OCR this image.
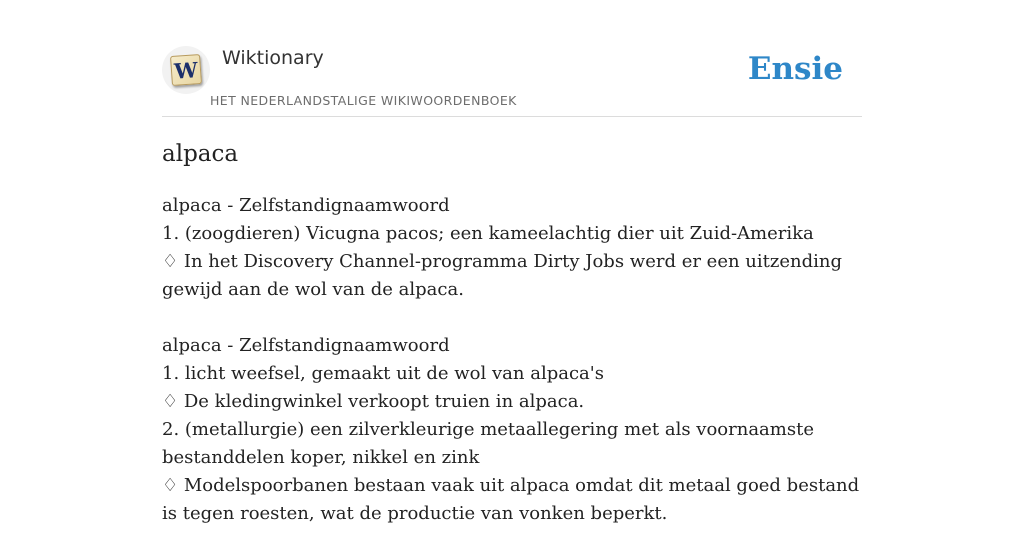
W Wiktionary
HET NEDERLANDSTALIGE WIKIWOORDENBOEK
Ensie
alpaca
alpaca - Zelfstandignaamwoord
1. (zoogdieren) Vicugna pacos; een kameelachtig dier uit Zuid-Amerika
♢ In het Discovery Channel-programma Dirty Jobs werd er een uitzending gewijd aan de wol van de alpaca.
alpaca - Zelfstandignaamwoord
1. licht weefsel, gemaakt uit de wol van alpaca's
♢ De kledingwinkel verkoopt truien in alpaca.
2. (metallurgie) een zilverkleurige metaallegering met als voornaamste bestanddelen koper, nikkel en zink
♢ Modelspoorbanen bestaan vaak uit alpaca omdat dit metaal goed bestand is tegen roesten, wat de productie van vonken beperkt.
